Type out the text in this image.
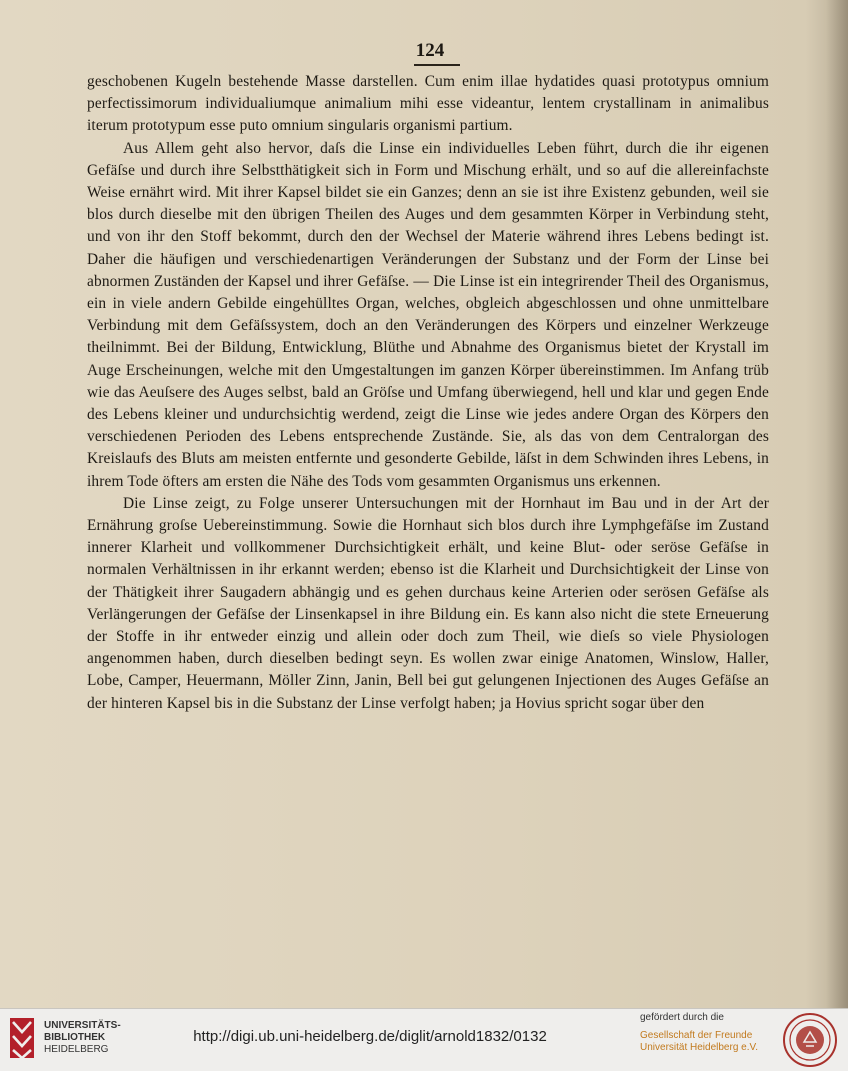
124

geschobenen Kugeln bestehende Masse darstellen. Cum enim illae hydatides quasi prototypus omnium perfectissimorum individualiumque animalium mihi esse videantur, lentem crystallinam in animalibus iterum prototypum esse puto omnium singularis organismi partium.

Aus Allem geht also hervor, daſs die Linse ein individuelles Leben führt, durch die ihr eigenen Gefäſse und durch ihre Selbstthätigkeit sich in Form und Mischung erhält, und so auf die allereinfachste Weise ernährt wird. Mit ihrer Kapsel bildet sie ein Ganzes; denn an sie ist ihre Existenz gebunden, weil sie blos durch dieselbe mit den übrigen Theilen des Auges und dem gesammten Körper in Verbindung steht, und von ihr den Stoff bekommt, durch den der Wechsel der Materie während ihres Lebens bedingt ist. Daher die häufigen und verschiedenartigen Veränderungen der Substanz und der Form der Linse bei abnormen Zuständen der Kapsel und ihrer Gefäſse. — Die Linse ist ein integrirender Theil des Organismus, ein in viele andern Gebilde eingehülltes Organ, welches, obgleich abgeschlossen und ohne unmittelbare Verbindung mit dem Gefäſssystem, doch an den Veränderungen des Körpers und einzelner Werkzeuge theilnimmt. Bei der Bildung, Entwicklung, Blüthe und Abnahme des Organismus bietet der Krystall im Auge Erscheinungen, welche mit den Umgestaltungen im ganzen Körper übereinstimmen. Im Anfang trüb wie das Aeuſsere des Auges selbst, bald an Gröſse und Umfang überwiegend, hell und klar und gegen Ende des Lebens kleiner und undurchsichtig werdend, zeigt die Linse wie jedes andere Organ des Körpers den verschiedenen Perioden des Lebens entsprechende Zustände. Sie, als das von dem Centralorgan des Kreislaufs des Bluts am meisten entfernte und gesonderte Gebilde, läſst in dem Schwinden ihres Lebens, in ihrem Tode öfters am ersten die Nähe des Tods vom gesammten Organismus uns erkennen.

Die Linse zeigt, zu Folge unserer Untersuchungen mit der Hornhaut im Bau und in der Art der Ernährung groſse Uebereinstimmung. Sowie die Hornhaut sich blos durch ihre Lymphgefäſse im Zustand innerer Klarheit und vollkommener Durchsichtigkeit erhält, und keine Blut- oder seröse Gefäſse in normalen Verhältnissen in ihr erkannt werden; ebenso ist die Klarheit und Durchsichtigkeit der Linse von der Thätigkeit ihrer Saugadern abhängig und es gehen durchaus keine Arterien oder serösen Gefäſse als Verlängerungen der Gefäſse der Linsenkapsel in ihre Bildung ein. Es kann also nicht die stete Erneuerung der Stoffe in ihr entweder einzig und allein oder doch zum Theil, wie dieſs so viele Physiologen angenommen haben, durch dieselben bedingt seyn. Es wollen zwar einige Anatomen, Winslow, Haller, Lobe, Camper, Heuermann, Möller Zinn, Janin, Bell bei gut gelungenen Injectionen des Auges Gefäſse an der hinteren Kapsel bis in die Substanz der Linse verfolgt haben; ja Hovius spricht sogar über den

UNIVERSITÄTS-
BIBLIOTHEK
HEIDELBERG
http://digi.ub.uni-heidelberg.de/diglit/arnold1832/0132
gefördert durch die
Gesellschaft der Freunde
Universität Heidelberg e.V.
